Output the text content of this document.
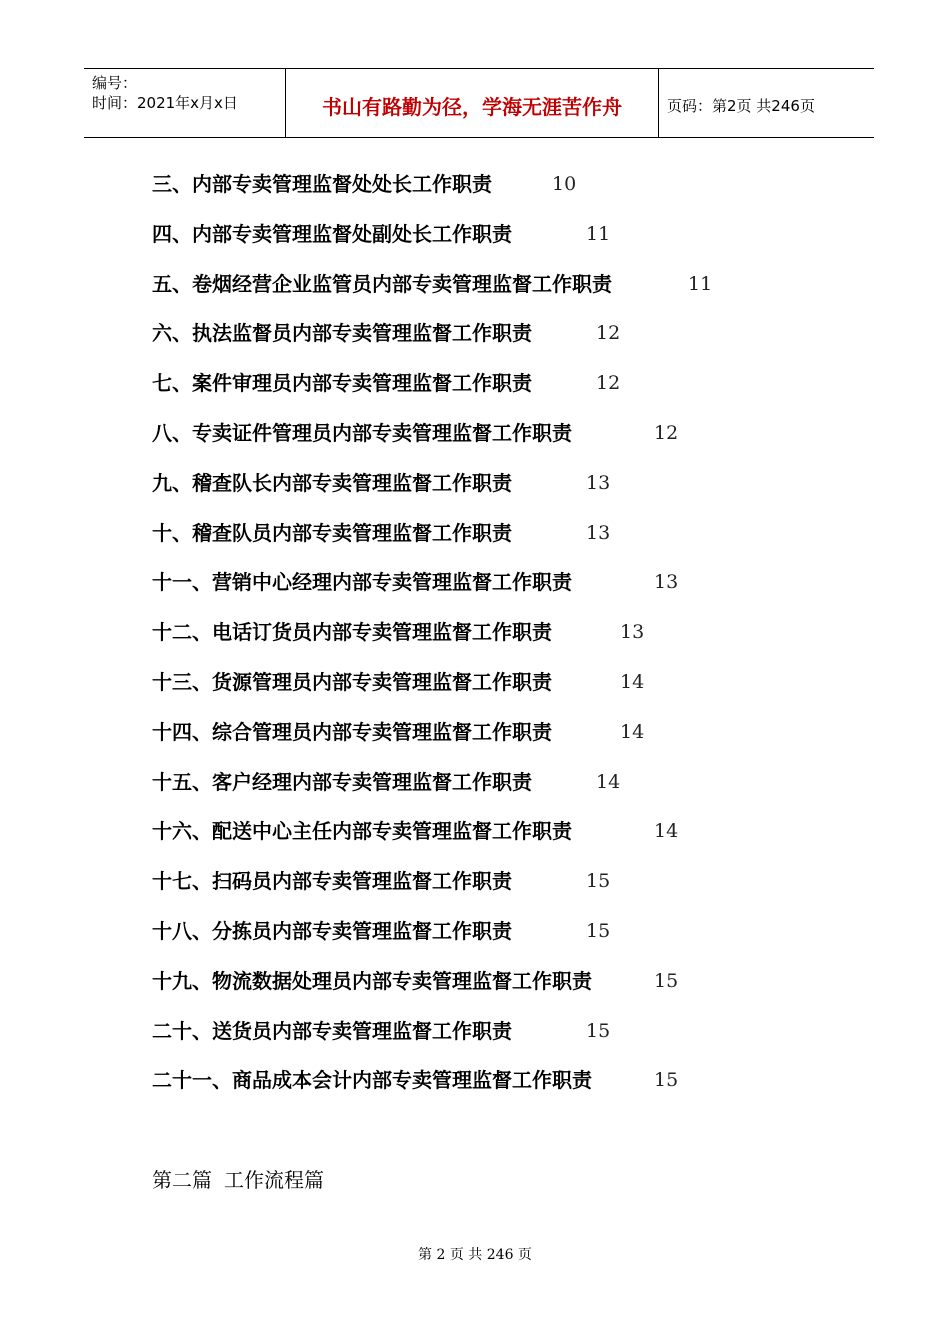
编号：
时间：2021年x月x日	书山有路勤为径，学海无涯苦作舟	页码：第2页 共246页
三、内部专卖管理监督处处长工作职责	10
四、内部专卖管理监督处副处长工作职责	11
五、卷烟经营企业监管员内部专卖管理监督工作职责	11
六、执法监督员内部专卖管理监督工作职责	12
七、案件审理员内部专卖管理监督工作职责	12
八、专卖证件管理员内部专卖管理监督工作职责	12
九、稽查队长内部专卖管理监督工作职责	13
十、稽查队员内部专卖管理监督工作职责	13
十一、营销中心经理内部专卖管理监督工作职责	13
十二、电话订货员内部专卖管理监督工作职责	13
十三、货源管理员内部专卖管理监督工作职责	14
十四、综合管理员内部专卖管理监督工作职责	14
十五、客户经理内部专卖管理监督工作职责	14
十六、配送中心主任内部专卖管理监督工作职责	14
十七、扫码员内部专卖管理监督工作职责	15
十八、分拣员内部专卖管理监督工作职责	15
十九、物流数据处理员内部专卖管理监督工作职责	15
二十、送货员内部专卖管理监督工作职责	15
二十一、商品成本会计内部专卖管理监督工作职责	15
第二篇 工作流程篇
第 2 页 共 246 页
